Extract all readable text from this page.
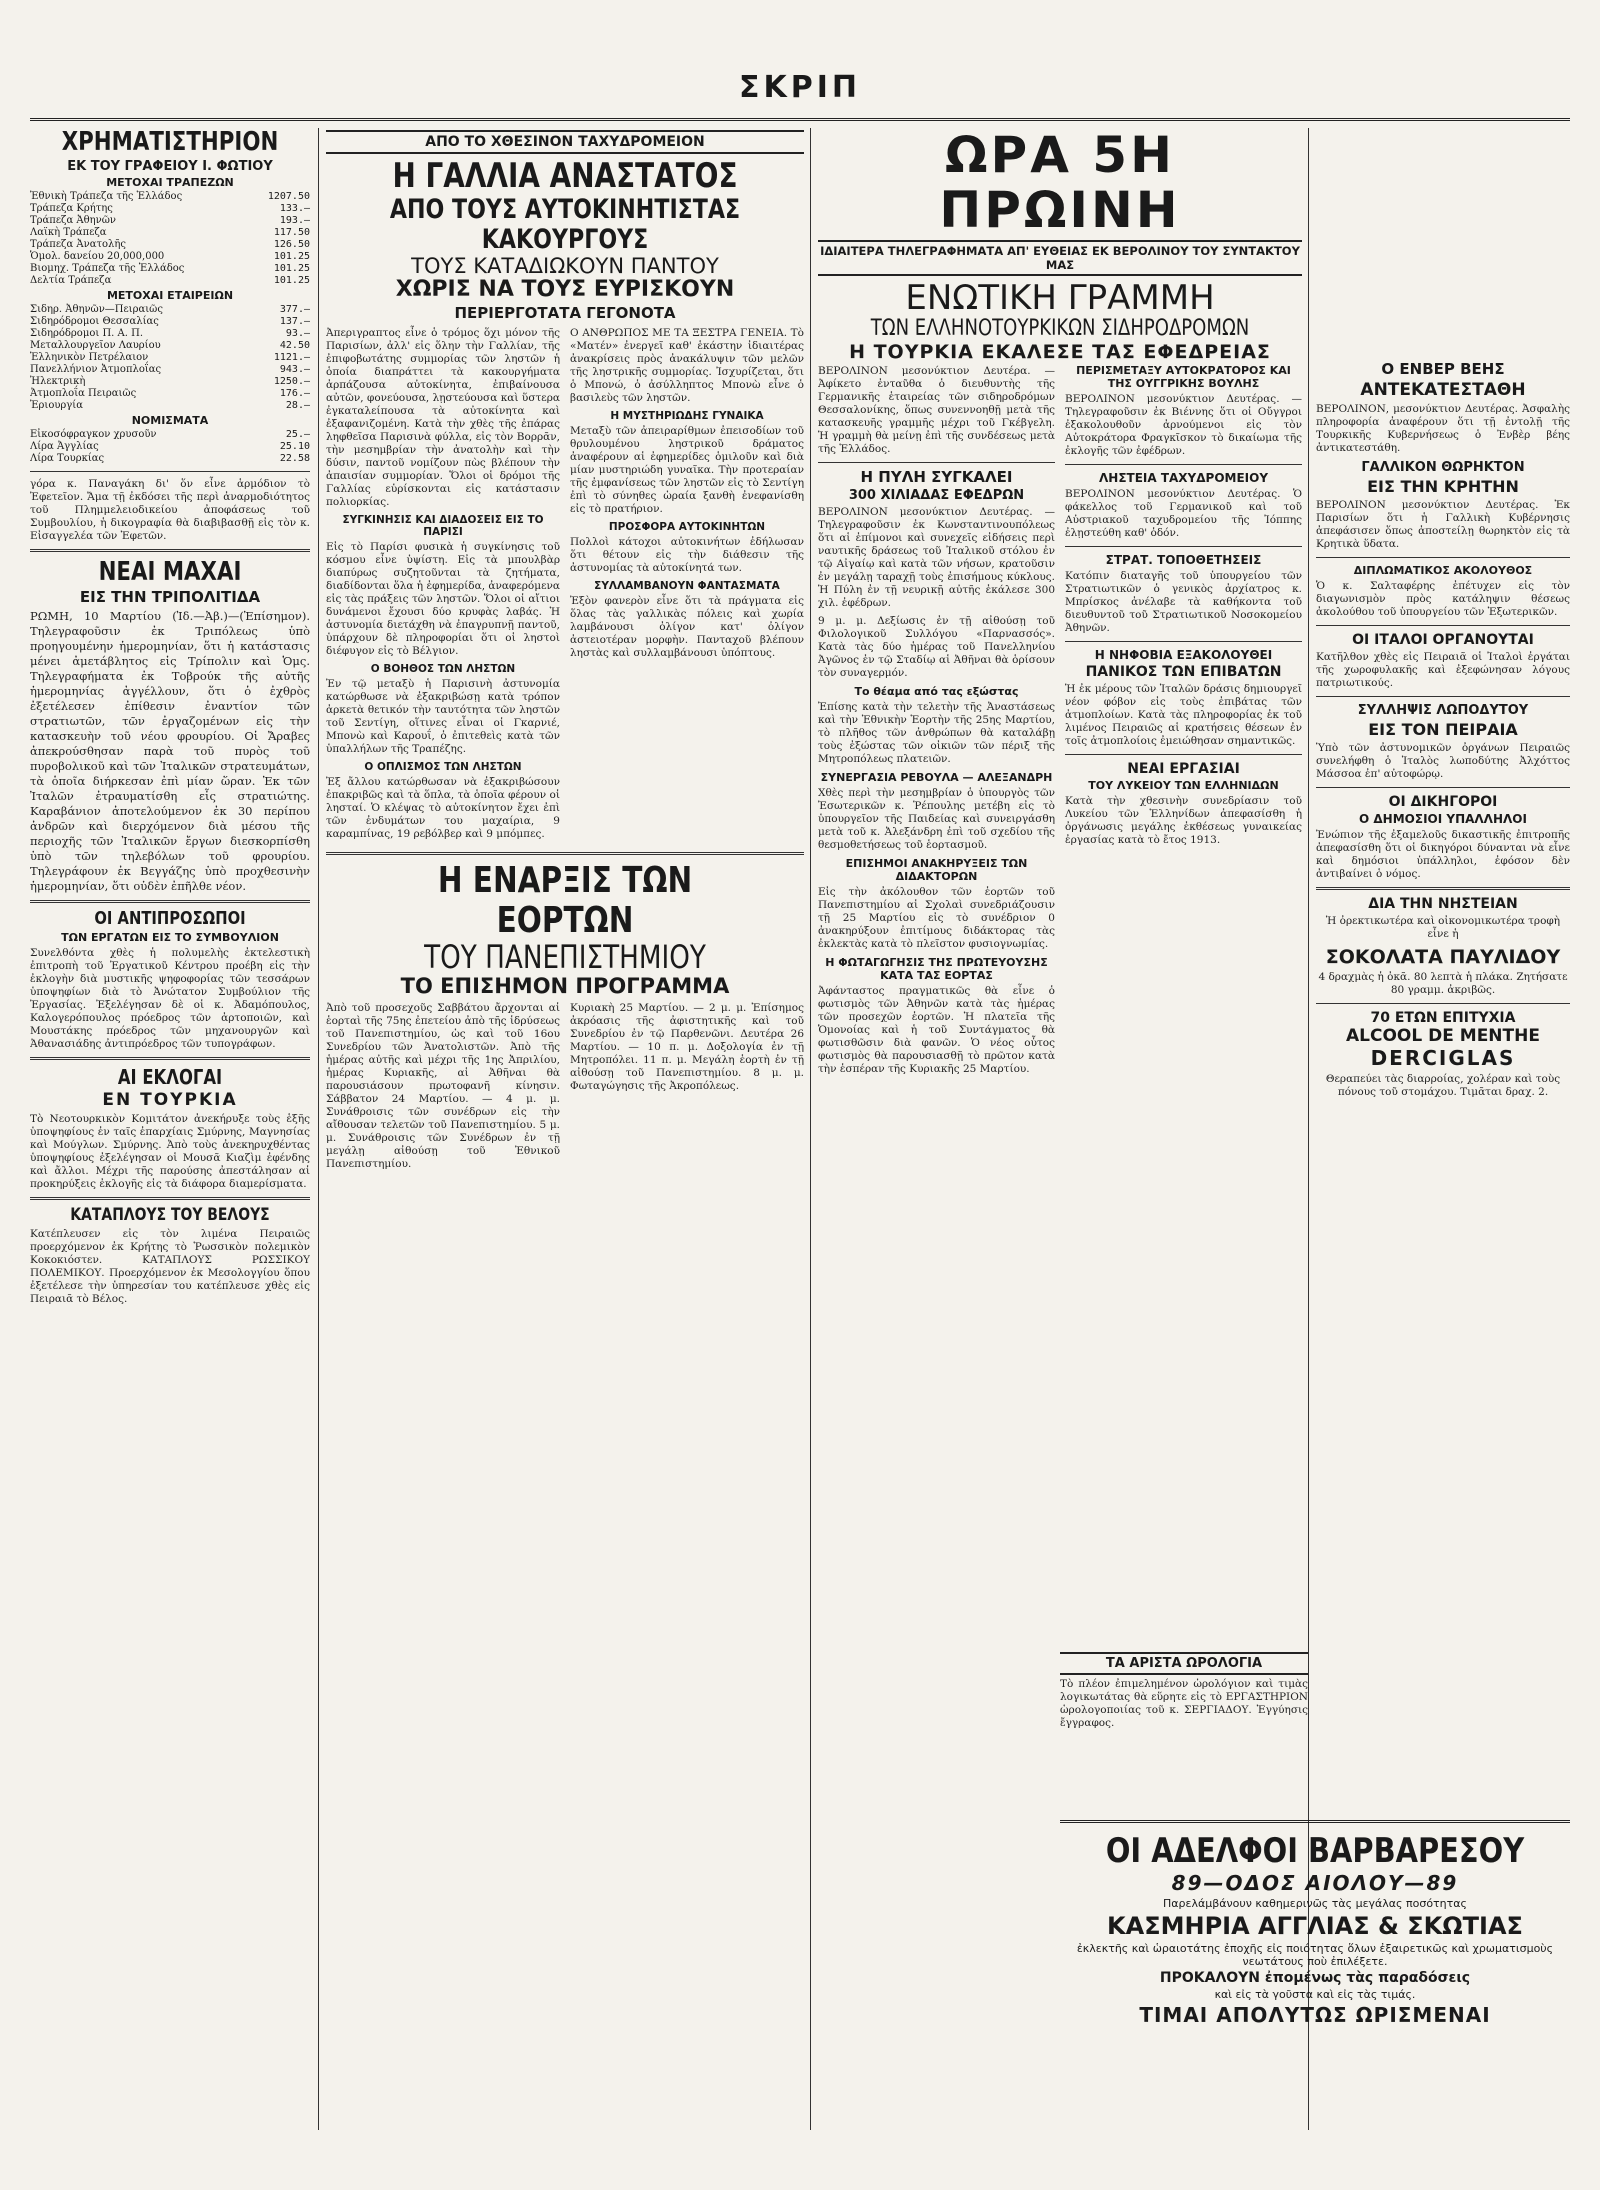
ΣΚΡΙΠ
ΧΡΗΜΑΤΙΣΤΗΡΙΟΝ
ΕΚ ΤΟΥ ΓΡΑΦΕΙΟΥ Ι. ΦΩΤΙΟΥ
ΜΕΤΟΧΑΙ ΤΡΑΠΕΖΩΝ
Ἐθνικὴ Τράπεζα τῆς Ἑλλάδος	1207.50
Τράπεζα Κρήτης	133.—
Τράπεζα Ἀθηνῶν	193.—
Λαϊκὴ Τράπεζα	117.50
Τράπεζα Ἀνατολῆς	126.50
Ὁμολ. δανείου 20,000,000	101.25
Βιομηχ. Τράπεζα τῆς Ἑλλάδος	101.25
Δελτία Τράπεζα	101.25
ΜΕΤΟΧΑΙ ΕΤΑΙΡΕΙΩΝ
Σιδηρ. Ἀθηνῶν—Πειραιῶς	377.—
Σιδηρόδρομοι Θεσσαλίας	137.—
Σιδηρόδρομοι Π. Α. Π.	93.—
Μεταλλουργεῖον Λαυρίου	42.50
Ἑλληνικὸν Πετρέλαιον	1121.—
Πανελλήνιον Ἀτμοπλοΐας	943.—
Ἠλεκτρικὴ	1250.—
Ἀτμοπλοΐα Πειραιῶς	176.—
Ἐριουργία	28.—
ΝΟΜΙΣΜΑΤΑ
Εἰκοσόφραγκον χρυσοῦν	25.—
Λίρα Ἀγγλίας	25.10
Λίρα Τουρκίας	22.58

γόρα κ. Παναγάκη δι' ὅν εἶνε ἁρμόδιον τὸ Ἐφετεῖον. Ἄμα τῇ ἐκδόσει τῆς περὶ ἀναρμοδιότητος τοῦ Πλημμελειοδικείου ἀποφάσεως τοῦ Συμβουλίου, ἡ δικογραφία θὰ διαβιβασθῇ εἰς τὸν κ. Εἰσαγγελέα τῶν Ἐφετῶν.

ΝΕΑΙ ΜΑΧΑΙ
ΕΙΣ ΤΗΝ ΤΡΙΠΟΛΙΤΙΔΑ

ΡΩΜΗ, 10 Μαρτίου (Ἰδ.—Ἀβ.)—(Ἐπίσημον). Τηλεγραφοῦσιν ἐκ Τριπόλεως ὑπὸ προηγουμένην ἡμερομηνίαν, ὅτι ἡ κατάστασις μένει ἀμετάβλητος εἰς Τρίπολιν καὶ Ὁμς. Τηλεγραφήματα ἐκ Τοβρούκ τῆς αὐτῆς ἡμερομηνίας ἀγγέλλουν, ὅτι ὁ ἐχθρὸς ἐξετέλεσεν ἐπίθεσιν ἐναντίον τῶν στρατιωτῶν, τῶν ἐργαζομένων εἰς τὴν κατασκευὴν τοῦ νέου φρουρίου. Οἱ Ἄραβες ἀπεκρούσθησαν παρὰ τοῦ πυρὸς τοῦ πυροβολικοῦ καὶ τῶν Ἰταλικῶν στρατευμάτων, τὰ ὁποῖα διήρκεσαν ἐπὶ μίαν ὥραν. Ἐκ τῶν Ἰταλῶν ἐτραυματίσθη εἷς στρατιώτης. Καραβάνιον ἀποτελούμενον ἐκ 30 περίπου ἀνδρῶν καὶ διερχόμενον διὰ μέσου τῆς περιοχῆς τῶν Ἰταλικῶν ἔργων διεσκορπίσθη ὑπὸ τῶν τηλεβόλων τοῦ φρουρίου. Τηλεγράφουν ἐκ Βεγγάζης ὑπὸ προχθεσινὴν ἡμερομηνίαν, ὅτι οὐδὲν ἐπῆλθε νέον.

ΟΙ ΑΝΤΙΠΡΟΣΩΠΟΙ
ΤΩΝ ΕΡΓΑΤΩΝ ΕΙΣ ΤΟ ΣΥΜΒΟΥΛΙΟΝ

Συνελθόντα χθὲς ἡ πολυμελὴς ἐκτελεστικὴ ἐπιτροπὴ τοῦ Ἐργατικοῦ Κέντρου προέβη εἰς τὴν ἐκλογὴν διὰ μυστικῆς ψηφοφορίας τῶν τεσσάρων ὑποψηφίων διὰ τὸ Ἀνώτατον Συμβούλιον τῆς Ἐργασίας. Ἐξελέγησαν δὲ οἱ κ. Ἀδαμόπουλος, Καλογερόπουλος πρόεδρος τῶν ἀρτοποιῶν, καὶ Μουστάκης πρόεδρος τῶν μηχανουργῶν καὶ Ἀθανασιάδης ἀντιπρόεδρος τῶν τυπογράφων.

ΑΙ ΕΚΛΟΓΑΙ
ΕΝ ΤΟΥΡΚΙΑ

Τὸ Νεοτουρκικὸν Κομιτάτον ἀνεκήρυξε τοὺς ἑξῆς ὑποψηφίους ἐν ταῖς ἐπαρχίαις Σμύρνης, Μαγνησίας καὶ Μούγλων. Σμύρνης. Ἀπὸ τοὺς ἀνεκηρυχθέντας ὑποψηφίους ἐξελέγησαν οἱ Μουσᾶ Κιαζὶμ ἐφένδης καὶ ἄλλοι. Μέχρι τῆς παρούσης ἀπεστάλησαν αἱ προκηρύξεις ἐκλογῆς εἰς τὰ διάφορα διαμερίσματα.

ΚΑΤΑΠΛΟΥΣ ΤΟΥ ΒΕΛΟΥΣ

Κατέπλευσεν εἰς τὸν λιμένα Πειραιῶς προερχόμενον ἐκ Κρήτης τὸ Ῥωσσικὸν πολεμικὸν Κοκοκιόστεν. ΚΑΤΑΠΛΟΥΣ ΡΩΣΣΙΚΟΥ ΠΟΛΕΜΙΚΟΥ. Προερχόμενον ἐκ Μεσολογγίου ὅπου ἐξετέλεσε τὴν ὑπηρεσίαν του κατέπλευσε χθὲς εἰς Πειραιᾶ τὸ Βέλος.

ΑΠΟ ΤΟ ΧΘΕΣΙΝΟΝ ΤΑΧΥΔΡΟΜΕΙΟΝ
Η ΓΑΛΛΙΑ ΑΝΑΣΤΑΤΟΣ
ΑΠΟ ΤΟΥΣ ΑΥΤΟΚΙΝΗΤΙΣΤΑΣ ΚΑΚΟΥΡΓΟΥΣ
ΤΟΥΣ ΚΑΤΑΔΙΩΚΟΥΝ ΠΑΝΤΟΥ
ΧΩΡΙΣ ΝΑ ΤΟΥΣ ΕΥΡΙΣΚΟΥΝ
ΠΕΡΙΕΡΓΟΤΑΤΑ ΓΕΓΟΝΟΤΑ

Ἀπεριγραπτος εἶνε ὁ τρόμος ὅχι μόνον τῆς Παρισίων, ἀλλ' εἰς ὅλην τὴν Γαλλίαν, τῆς ἐπιφοβωτάτης συμμορίας τῶν ληστῶν ἡ ὁποία διαπράττει τὰ κακουργήματα ἀρπάζουσα αὐτοκίνητα, ἐπιβαίνουσα αὐτῶν, φονεύουσα, λῃστεύουσα καὶ ὕστερα ἐγκαταλείπουσα τὰ αὐτοκίνητα καὶ ἐξαφανιζομένη. Κατὰ τὴν χθὲς τῆς ἐπάρας ληφθεῖσα Παρισινὰ φύλλα, εἰς τὸν Βορρᾶν, τὴν μεσημβρίαν τὴν ἀνατολὴν καὶ τὴν δύσιν, παντοῦ νομίζουν πὼς βλέπουν τὴν ἀπαισίαν συμμορίαν. Ὅλοι οἱ δρόμοι τῆς Γαλλίας εὑρίσκονται εἰς κατάστασιν πολιορκίας.

ΣΥΓΚΙΝΗΣΙΣ ΚΑΙ ΔΙΑΔΟΣΕΙΣ ΕΙΣ ΤΟ ΠΑΡΙΣΙ

Εἰς τὸ Παρίσι φυσικὰ ἡ συγκίνησις τοῦ κόσμου εἶνε ὑψίστη. Εἰς τὰ μπουλβὰρ διαπύρως συζητοῦνται τὰ ζητήματα, διαδίδονται ὅλα ἡ ἐφημερίδα, ἀναφερόμενα εἰς τὰς πράξεις τῶν ληστῶν. Ὅλοι οἱ αἴτιοι δυνάμενοι ἔχουσι δύο κρυφὰς λαβάς. Ἡ ἀστυνομία διετάχθη νὰ ἐπαγρυπνῇ παντοῦ, ὑπάρχουν δὲ πληροφορίαι ὅτι οἱ ληστοὶ διέφυγον εἰς τὸ Βέλγιον.

Ο ΒΟΗΘΟΣ ΤΩΝ ΛΗΣΤΩΝ

Ἐν τῷ μεταξὺ ἡ Παρισινὴ ἀστυνομία κατώρθωσε νὰ ἐξακριβώσῃ κατὰ τρόπον ἀρκετὰ θετικόν τὴν ταυτότητα τῶν ληστῶν τοῦ Σεντίγη, οἵτινες εἶναι οἱ Γκαρνιέ, Μπονὼ καὶ Καρουΐ, ὁ ἐπιτεθεὶς κατὰ τῶν ὑπαλλήλων τῆς Τραπέζης.

Ο ΟΠΛΙΣΜΟΣ ΤΩΝ ΛΗΣΤΩΝ

Ἐξ ἄλλου κατώρθωσαν νὰ ἐξακριβώσουν ἐπακριβῶς καὶ τὰ ὅπλα, τὰ ὁποῖα φέρουν οἱ λησταί. Ὁ κλέψας τὸ αὐτοκίνητον ἔχει ἐπὶ τῶν ἐνδυμάτων του μαχαίρια, 9 καραμπίνας, 19 ρεβόλβερ καὶ 9 μπόμπες.

Ο ΑΝΘΡΩΠΟΣ ΜΕ ΤΑ ΞΕΣΤΡΑ ΓΕΝΕΙΑ. Τὸ «Ματέν» ἐνεργεῖ καθ' ἑκάστην ἰδιαιτέρας ἀνακρίσεις πρὸς ἀνακάλυψιν τῶν μελῶν τῆς ληστρικῆς συμμορίας. Ἰσχυρίζεται, ὅτι ὁ Μπονώ, ὁ ἀσύλληπτος Μπονὼ εἶνε ὁ βασιλεὺς τῶν ληστῶν.

Η ΜΥΣΤΗΡΙΩΔΗΣ ΓΥΝΑΙΚΑ

Μεταξὺ τῶν ἀπειραρίθμων ἐπεισοδίων τοῦ θρυλουμένου ληστρικοῦ δράματος ἀναφέρουν αἱ ἐφημερίδες ὁμιλοῦν καὶ διὰ μίαν μυστηριώδη γυναῖκα. Τὴν προτεραίαν τῆς ἐμφανίσεως τῶν ληστῶν εἰς τὸ Σεντίγη ἐπὶ τὸ σύνηθες ὡραία ξανθὴ ἐνεφανίσθη εἰς τὸ πρατήριον.

ΠΡΟΣΦΟΡΑ ΑΥΤΟΚΙΝΗΤΩΝ

Πολλοὶ κάτοχοι αὐτοκινήτων ἐδήλωσαν ὅτι θέτουν εἰς τὴν διάθεσιν τῆς ἀστυνομίας τὰ αὐτοκίνητά των.

ΣΥΛΛΑΜΒΑΝΟΥΝ ΦΑΝΤΑΣΜΑΤΑ

Ἐξὸν φανερὸν εἶνε ὅτι τὰ πράγματα εἰς ὅλας τὰς γαλλικὰς πόλεις καὶ χωρία λαμβάνουσι ὀλίγον κατ' ὀλίγον ἀστειοτέραν μορφὴν. Πανταχοῦ βλέπουν ληστὰς καὶ συλλαμβάνουσι ὑπόπτους.

Η ΕΝΑΡΞΙΣ ΤΩΝ ΕΟΡΤΩΝ
ΤΟΥ ΠΑΝΕΠΙΣΤΗΜΙΟΥ
ΤΟ ΕΠΙΣΗΜΟΝ ΠΡΟΓΡΑΜΜΑ

Ἀπὸ τοῦ προσεχοῦς Σαββάτου ἄρχονται αἱ ἑορταὶ τῆς 75ης ἐπετείου ἀπὸ τῆς ἱδρύσεως τοῦ Πανεπιστημίου, ὡς καὶ τοῦ 16ου Συνεδρίου τῶν Ἀνατολιστῶν. Ἀπὸ τῆς ἡμέρας αὐτῆς καὶ μέχρι τῆς 1ης Ἀπριλίου, ἡμέρας Κυριακῆς, αἱ Ἀθῆναι θὰ παρουσιάσουν πρωτοφανῆ κίνησιν. Σάββατον 24 Μαρτίου. — 4 μ. μ. Συνάθροισις τῶν συνέδρων εἰς τὴν αἴθουσαν τελετῶν τοῦ Πανεπιστημίου. 5 μ. μ. Συνάθροισις τῶν Συνέδρων ἐν τῇ μεγάλῃ αἰθούσῃ τοῦ Ἐθνικοῦ Πανεπιστημίου.

Κυριακὴ 25 Μαρτίου. — 2 μ. μ. Ἐπίσημος ἀκρόασις τῆς ἀφιστητικῆς καὶ τοῦ Συνεδρίου ἐν τῷ Παρθενῶνι. Δευτέρα 26 Μαρτίου. — 10 π. μ. Δοξολογία ἐν τῇ Μητροπόλει. 11 π. μ. Μεγάλη ἑορτὴ ἐν τῇ αἰθούσῃ τοῦ Πανεπιστημίου. 8 μ. μ. Φωταγώγησις τῆς Ἀκροπόλεως.

ΩΡΑ 5Η ΠΡΩΙΝΗ
ΙΔΙΑΙΤΕΡΑ ΤΗΛΕΓΡΑΦΗΜΑΤΑ ΑΠ' ΕΥΘΕΙΑΣ ΕΚ ΒΕΡΟΛΙΝΟΥ ΤΟΥ ΣΥΝΤΑΚΤΟΥ ΜΑΣ
ΕΝΩΤΙΚΗ ΓΡΑΜΜΗ
ΤΩΝ ΕΛΛΗΝΟΤΟΥΡΚΙΚΩΝ ΣΙΔΗΡΟΔΡΟΜΩΝ
Η ΤΟΥΡΚΙΑ ΕΚΑΛΕΣΕ ΤΑΣ ΕΦΕΔΡΕΙΑΣ

ΒΕΡΟΛΙΝΟΝ μεσονύκτιον Δευτέρα. — Ἀφίκετο ἐνταῦθα ὁ διευθυντὴς τῆς Γερμανικῆς ἑταιρείας τῶν σιδηροδρόμων Θεσσαλονίκης, ὅπως συνεννοηθῇ μετὰ τῆς κατασκευῆς γραμμῆς μέχρι τοῦ Γκέβγελη. Ἡ γραμμὴ θὰ μείνῃ ἐπὶ τῆς συνδέσεως μετὰ τῆς Ἑλλάδος.

Η ΠΥΛΗ ΣΥΓΚΑΛΕΙ
300 ΧΙΛΙΑΔΑΣ ΕΦΕΔΡΩΝ

ΒΕΡΟΛΙΝΟΝ μεσονύκτιον Δευτέρας. — Τηλεγραφοῦσιν ἐκ Κωνσταντινουπόλεως ὅτι αἱ ἐπίμονοι καὶ συνεχεῖς εἰδήσεις περὶ ναυτικῆς δράσεως τοῦ Ἰταλικοῦ στόλου ἐν τῷ Αἰγαίῳ καὶ κατὰ τῶν νήσων, κρατοῦσιν ἐν μεγάλῃ ταραχῇ τοὺς ἐπισήμους κύκλους. Ἡ Πύλη ἐν τῇ νευρικῇ αὐτῆς ἐκάλεσε 300 χιλ. ἐφέδρων.

9 μ. μ. Δεξίωσις ἐν τῇ αἰθούσῃ τοῦ Φιλολογικοῦ Συλλόγου «Παρνασσός». Κατὰ τὰς δύο ἡμέρας τοῦ Πανελληνίου Ἀγῶνος ἐν τῷ Σταδίῳ αἱ Ἀθῆναι θὰ ὁρίσουν τὸν συναγερμόν.

Το θέαμα από τας εξώστας

Ἐπίσης κατὰ τὴν τελετὴν τῆς Ἀναστάσεως καὶ τὴν Ἐθνικὴν Ἑορτὴν τῆς 25ης Μαρτίου, τὸ πλῆθος τῶν ἀνθρώπων θὰ καταλάβῃ τοὺς ἐξώστας τῶν οἰκιῶν τῶν πέριξ τῆς Μητροπόλεως πλατειῶν.

ΣΥΝΕΡΓΑΣΙΑ ΡΕΒΟΥΛΑ — ΑΛΕΞΑΝΔΡΗ

Χθὲς περὶ τὴν μεσημβρίαν ὁ ὑπουργὸς τῶν Ἐσωτερικῶν κ. Ῥέπουλης μετέβη εἰς τὸ ὑπουργεῖον τῆς Παιδείας καὶ συνειργάσθη μετὰ τοῦ κ. Ἀλεξάνδρη ἐπὶ τοῦ σχεδίου τῆς θεσμοθετήσεως τοῦ ἑορτασμοῦ.

ΕΠΙΣΗΜΟΙ ΑΝΑΚΗΡΥΞΕΙΣ ΤΩΝ ΔΙΔΑΚΤΟΡΩΝ

Εἰς τὴν ἀκόλουθον τῶν ἑορτῶν τοῦ Πανεπιστημίου αἱ Σχολαὶ συνεδριάζουσιν τῇ 25 Μαρτίου εἰς τὸ συνέδριον 0 ἀνακηρύξουν ἐπιτίμους διδάκτορας τὰς ἐκλεκτὰς κατὰ τὸ πλεῖστον φυσιογνωμίας.

Η ΦΩΤΑΓΩΓΗΣΙΣ ΤΗΣ ΠΡΩΤΕΥΟΥΣΗΣ ΚΑΤΑ ΤΑΣ ΕΟΡΤΑΣ

Ἀφάνταστος πραγματικῶς θὰ εἶνε ὁ φωτισμὸς τῶν Ἀθηνῶν κατὰ τὰς ἡμέρας τῶν προσεχῶν ἑορτῶν. Ἡ πλατεῖα τῆς Ὁμονοίας καὶ ἡ τοῦ Συντάγματος θὰ φωτισθῶσιν διὰ φανῶν. Ὁ νέος οὗτος φωτισμὸς θὰ παρουσιασθῇ τὸ πρῶτον κατὰ τὴν ἑσπέραν τῆς Κυριακῆς 25 Μαρτίου.

ΠΕΡΙΣΜΕΤΑΞΥ ΑΥΤΟΚΡΑΤΟΡΟΣ ΚΑΙ ΤΗΣ ΟΥΓΓΡΙΚΗΣ ΒΟΥΛΗΣ

ΒΕΡΟΛΙΝΟΝ μεσονύκτιον Δευτέρας. — Τηλεγραφοῦσιν ἐκ Βιέννης ὅτι οἱ Οὔγγροι ἐξακολουθοῦν ἀρνούμενοι εἰς τὸν Αὐτοκράτορα Φραγκῖσκον τὸ δικαίωμα τῆς ἐκλογῆς τῶν ἐφέδρων.

ΛΗΣΤΕΙΑ ΤΑΧΥΔΡΟΜΕΙΟΥ

ΒΕΡΟΛΙΝΟΝ μεσονύκτιον Δευτέρας. Ὁ φάκελλος τοῦ Γερμανικοῦ καὶ τοῦ Αὐστριακοῦ ταχυδρομείου τῆς Ἰόππης ἐλῃστεύθη καθ' ὁδόν.

ΣΤΡΑΤ. ΤΟΠΟΘΕΤΗΣΕΙΣ

Κατόπιν διαταγῆς τοῦ ὑπουργείου τῶν Στρατιωτικῶν ὁ γενικὸς ἀρχίατρος κ. Μπρίσκος ἀνέλαβε τὰ καθήκοντα τοῦ διευθυντοῦ τοῦ Στρατιωτικοῦ Νοσοκομείου Ἀθηνῶν.

Η ΝΗΦΟΒΙΑ ΕΞΑΚΟΛΟΥΘΕΙ
ΠΑΝΙΚΟΣ ΤΩΝ ΕΠΙΒΑΤΩΝ

Ἡ ἐκ μέρους τῶν Ἰταλῶν δράσις δημιουργεῖ νέον φόβον εἰς τοὺς ἐπιβάτας τῶν ἀτμοπλοίων. Κατὰ τὰς πληροφορίας ἐκ τοῦ λιμένος Πειραιῶς αἱ κρατήσεις θέσεων ἐν τοῖς ἀτμοπλοίοις ἐμειώθησαν σημαντικῶς.

ΝΕΑΙ ΕΡΓΑΣΙΑΙ
ΤΟΥ ΛΥΚΕΙΟΥ ΤΩΝ ΕΛΛΗΝΙΔΩΝ

Κατὰ τὴν χθεσινὴν συνεδρίασιν τοῦ Λυκείου τῶν Ἑλληνίδων ἀπεφασίσθη ἡ ὀργάνωσις μεγάλης ἐκθέσεως γυναικείας ἐργασίας κατὰ τὸ ἔτος 1913.

Ο ΕΝΒΕΡ ΒΕΗΣ
ΑΝΤΕΚΑΤΕΣΤΑΘΗ

ΒΕΡΟΛΙΝΟΝ, μεσονύκτιον Δευτέρας. Ἀσφαλὴς πληροφορία ἀναφέρουν ὅτι τῇ ἐντολῇ τῆς Τουρκικῆς Κυβερνήσεως ὁ Ἐνβὲρ βέης ἀντικατεστάθη.

ΓΑΛΛΙΚΟΝ ΘΩΡΗΚΤΟΝ
ΕΙΣ ΤΗΝ ΚΡΗΤΗΝ

ΒΕΡΟΛΙΝΟΝ μεσονύκτιον Δευτέρας. Ἐκ Παρισίων ὅτι ἡ Γαλλικὴ Κυβέρνησις ἀπεφάσισεν ὅπως ἀποστείλῃ θωρηκτὸν εἰς τὰ Κρητικὰ ὕδατα.

ΔΙΠΛΩΜΑΤΙΚΟΣ ΑΚΟΛΟΥΘΟΣ

Ὁ κ. Σαλταφέρης ἐπέτυχεν εἰς τὸν διαγωνισμὸν πρὸς κατάληψιν θέσεως ἀκολούθου τοῦ ὑπουργείου τῶν Ἐξωτερικῶν.

ΟΙ ΙΤΑΛΟΙ ΟΡΓΑΝΟΥΤΑΙ

Κατῆλθον χθὲς εἰς Πειραιᾶ οἱ Ἰταλοὶ ἐργάται τῆς χωροφυλακῆς καὶ ἐξεφώνησαν λόγους πατριωτικούς.

ΣΥΛΛΗΨΙΣ ΛΩΠΟΔΥΤΟΥ
ΕΙΣ ΤΟΝ ΠΕΙΡΑΙΑ

Ὑπὸ τῶν ἀστυνομικῶν ὀργάνων Πειραιῶς συνελήφθη ὁ Ἰταλὸς λωποδύτης Ἀλχόττος Μάσσοα ἐπ' αὐτοφώρῳ.

ΟΙ ΔΙΚΗΓΟΡΟΙ
Ο ΔΗΜΟΣΙΟΙ ΥΠΑΛΛΗΛΟΙ

Ἐνώπιον τῆς ἐξαμελοῦς δικαστικῆς ἐπιτροπῆς ἀπεφασίσθη ὅτι οἱ δικηγόροι δύνανται νὰ εἶνε καὶ δημόσιοι ὑπάλληλοι, ἐφόσον δὲν ἀντιβαίνει ὁ νόμος.

ΔΙΑ ΤΗΝ ΝΗΣΤΕΙΑΝ

Ἡ ὀρεκτικωτέρα καὶ οἰκονομικωτέρα τροφὴ εἶνε ἡ

ΣΟΚΟΛΑΤΑ ΠΑΥΛΙΔΟΥ

4 δραχμὰς ἡ ὀκᾶ. 80 λεπτὰ ἡ πλάκα. Ζητήσατε 80 γραμμ. ἀκριβῶς.

70 ΕΤΩΝ ΕΠΙΤΥΧΙΑ
ALCOOL DE MENTHE
DERCIGLAS

Θεραπεύει τὰς διαρροίας, χολέραν καὶ τοὺς πόνους τοῦ στομάχου. Τιμᾶται δραχ. 2.

ΤΑ ΑΡΙΣΤΑ ΩΡΟΛΟΓΙΑ

Τὸ πλέον ἐπιμελημένον ὡρολόγιον καὶ τιμὰς λογικωτάτας θὰ εὕρητε εἰς τὸ ΕΡΓΑΣΤΗΡΙΟΝ ὡρολογοποιίας τοῦ κ. ΣΕΡΓΙΑΔΟΥ. Ἐγγύησις ἔγγραφος.

ΟΙ ΑΔΕΛΦΟΙ ΒΑΡΒΑΡΕΣΟΥ
89—ΟΔΟΣ ΑΙΟΛΟΥ—89
Παρελάμβάνουν καθημερινῶς τὰς μεγάλας ποσότητας
ΚΑΣΜΗΡΙΑ ΑΓΓΛΙΑΣ & ΣΚΩΤΙΑΣ
ἐκλεκτῆς καὶ ὡραιοτάτης ἐποχῆς εἰς ποιότητας ὅλων ἐξαιρετικῶς καὶ χρωματισμοὺς νεωτάτους ποὺ ἐπιλέξετε.
ΠΡΟΚΑΛΟΥΝ ἐπομένως τὰς παραδόσεις
καὶ εἰς τὰ γοῦστα καὶ εἰς τὰς τιμάς.
ΤΙΜΑΙ ΑΠΟΛΥΤΩΣ ΩΡΙΣΜΕΝΑΙ
